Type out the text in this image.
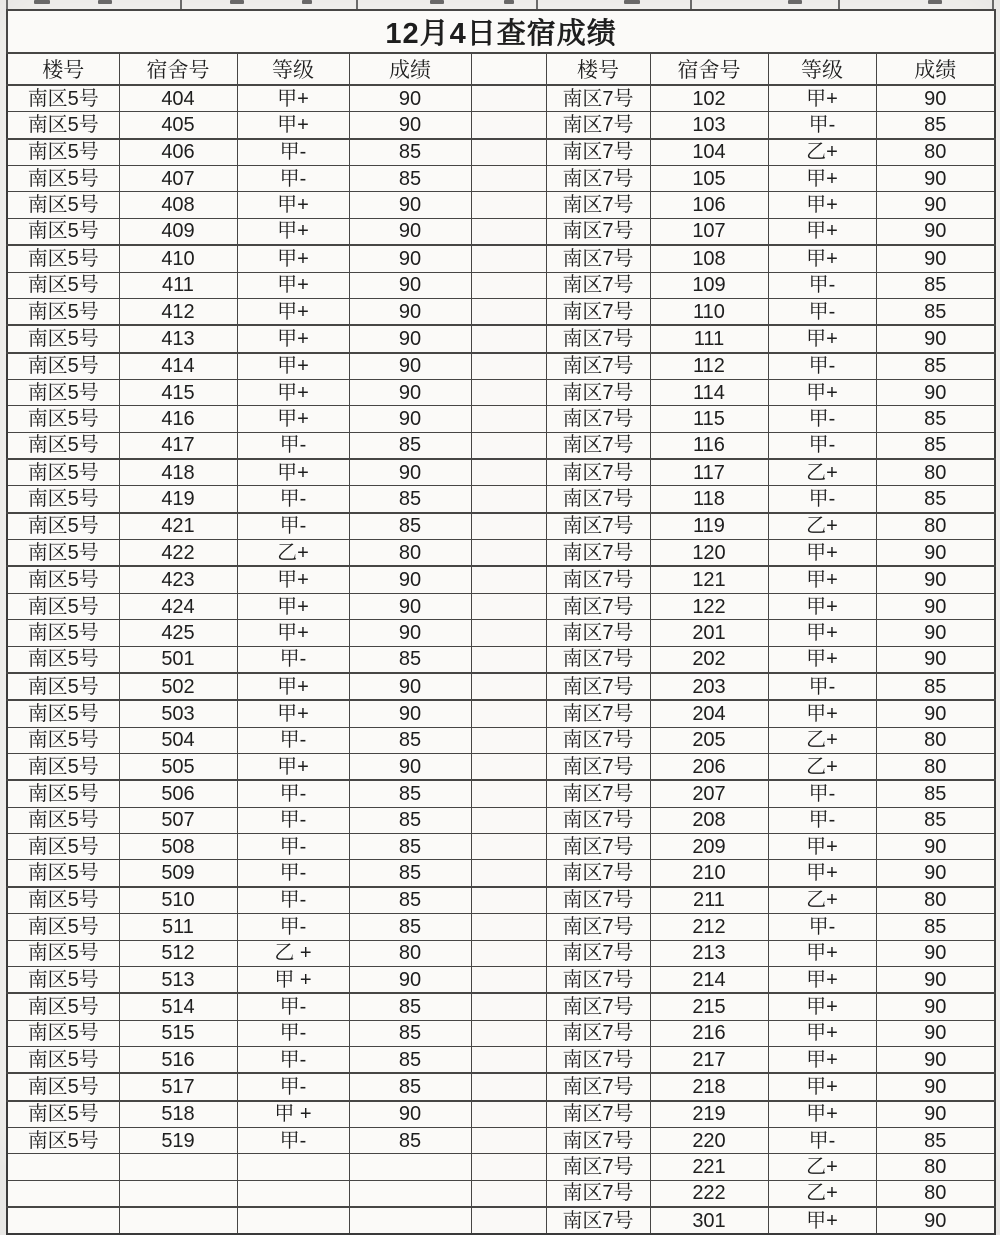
12月4日查宿成绩								
楼号	宿舍号	等级	成绩		楼号	宿舍号	等级	成绩
南区5号	404	甲+	90		南区7号	102	甲+	90
南区5号	405	甲+	90		南区7号	103	甲-	85
南区5号	406	甲-	85		南区7号	104	乙+	80
南区5号	407	甲-	85		南区7号	105	甲+	90
南区5号	408	甲+	90		南区7号	106	甲+	90
南区5号	409	甲+	90		南区7号	107	甲+	90
南区5号	410	甲+	90		南区7号	108	甲+	90
南区5号	411	甲+	90		南区7号	109	甲-	85
南区5号	412	甲+	90		南区7号	110	甲-	85
南区5号	413	甲+	90		南区7号	111	甲+	90
南区5号	414	甲+	90		南区7号	112	甲-	85
南区5号	415	甲+	90		南区7号	114	甲+	90
南区5号	416	甲+	90		南区7号	115	甲-	85
南区5号	417	甲-	85		南区7号	116	甲-	85
南区5号	418	甲+	90		南区7号	117	乙+	80
南区5号	419	甲-	85		南区7号	118	甲-	85
南区5号	421	甲-	85		南区7号	119	乙+	80
南区5号	422	乙+	80		南区7号	120	甲+	90
南区5号	423	甲+	90		南区7号	121	甲+	90
南区5号	424	甲+	90		南区7号	122	甲+	90
南区5号	425	甲+	90		南区7号	201	甲+	90
南区5号	501	甲-	85		南区7号	202	甲+	90
南区5号	502	甲+	90		南区7号	203	甲-	85
南区5号	503	甲+	90		南区7号	204	甲+	90
南区5号	504	甲-	85		南区7号	205	乙+	80
南区5号	505	甲+	90		南区7号	206	乙+	80
南区5号	506	甲-	85		南区7号	207	甲-	85
南区5号	507	甲-	85		南区7号	208	甲-	85
南区5号	508	甲-	85		南区7号	209	甲+	90
南区5号	509	甲-	85		南区7号	210	甲+	90
南区5号	510	甲-	85		南区7号	211	乙+	80
南区5号	511	甲-	85		南区7号	212	甲-	85
南区5号	512	乙 +	80		南区7号	213	甲+	90
南区5号	513	甲 +	90		南区7号	214	甲+	90
南区5号	514	甲-	85		南区7号	215	甲+	90
南区5号	515	甲-	85		南区7号	216	甲+	90
南区5号	516	甲-	85		南区7号	217	甲+	90
南区5号	517	甲-	85		南区7号	218	甲+	90
南区5号	518	甲 +	90		南区7号	219	甲+	90
南区5号	519	甲-	85		南区7号	220	甲-	85
					南区7号	221	乙+	80
					南区7号	222	乙+	80
					南区7号	301	甲+	90
